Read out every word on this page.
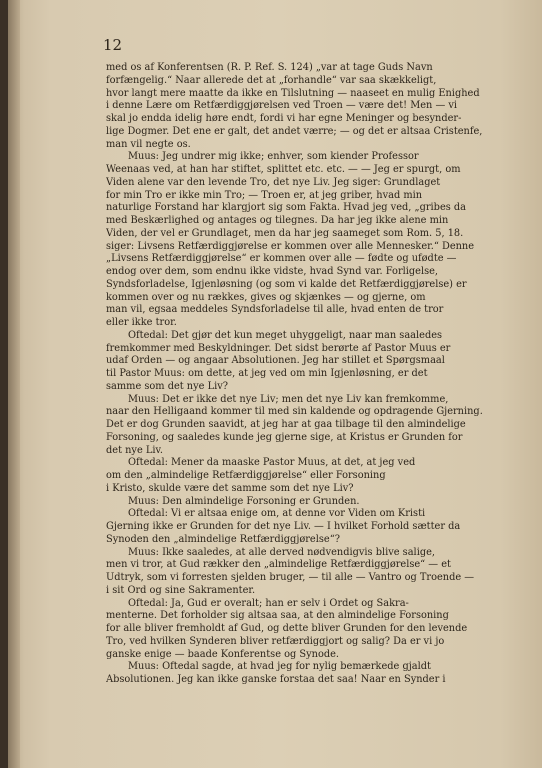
12
med os af Konferentsen (R. P. Ref. S. 124) „var at tage Guds Navn
forfængelig.“ Naar allerede det at „forhandle“ var saa skækkeligt,
hvor langt mere maatte da ikke en Tilslutning — naaseet en mulig Enighed
i denne Lære om Retfærdiggjørelsen ved Troen — være det! Men — vi
skal jo endda idelig høre endt, fordi vi har egne Meninger og besynder-
lige Dogmer. Det ene er galt, det andet værre; — og det er altsaa Cristenfe,
man vil negte os.
Muus: Jeg undrer mig ikke; enhver, som kiender Professor
Weenaas ved, at han har stiftet, splittet etc. etc. — — Jeg er spurgt, om
Viden alene var den levende Tro, det nye Liv. Jeg siger: Grundlaget
for min Tro er ikke min Tro; — Troen er, at jeg griber, hvad min
naturlige Forstand har klargjort sig som Fakta. Hvad jeg ved, „gribes da
med Beskærlighed og antages og tilegnes. Da har jeg ikke alene min
Viden, der vel er Grundlaget, men da har jeg saameget som Rom. 5, 18.
siger: Livsens Retfærdiggjørelse er kommen over alle Mennesker.“ Denne
„Livsens Retfærdiggjørelse“ er kommen over alle — fødte og ufødte —
endog over dem, som endnu ikke vidste, hvad Synd var. Forligelse,
Syndsforladelse, Igjenløsning (og som vi kalde det Retfærdiggjørelse) er
kommen over og nu rækkes, gives og skjænkes — og gjerne, om
man vil, egsaa meddeles Syndsforladelse til alle, hvad enten de tror
eller ikke tror.
Oftedal: Det gjør det kun meget uhyggeligt, naar man saaledes
fremkommer med Beskyldninger. Det sidst berørte af Pastor Muus er
udaf Orden — og angaar Absolutionen. Jeg har stillet et Spørgsmaal
til Pastor Muus: om dette, at jeg ved om min Igjenløsning, er det
samme som det nye Liv?
Muus: Det er ikke det nye Liv; men det nye Liv kan fremkomme,
naar den Helligaand kommer til med sin kaldende og opdragende Gjerning.
Det er dog Grunden saavidt, at jeg har at gaa tilbage til den almindelige
Forsoning, og saaledes kunde jeg gjerne sige, at Kristus er Grunden for
det nye Liv.
Oftedal: Mener da maaske Pastor Muus, at det, at jeg ved
om den „almindelige Retfærdiggjørelse“ eller Forsoning
i Kristo, skulde være det samme som det nye Liv?
Muus: Den almindelige Forsoning er Grunden.
Oftedal: Vi er altsaa enige om, at denne vor Viden om Kristi
Gjerning ikke er Grunden for det nye Liv. — I hvilket Forhold sætter da
Synoden den „almindelige Retfærdiggjørelse“?
Muus: Ikke saaledes, at alle derved nødvendigvis blive salige,
men vi tror, at Gud rækker den „almindelige Retfærdiggjørelse“ — et
Udtryk, som vi forresten sjelden bruger, — til alle — Vantro og Troende —
i sit Ord og sine Sakramenter.
Oftedal: Ja, Gud er overalt; han er selv i Ordet og Sakra-
menterne. Det forholder sig altsaa saa, at den almindelige Forsoning
for alle bliver fremholdt af Gud, og dette bliver Grunden for den levende
Tro, ved hvilken Synderen bliver retfærdiggjort og salig? Da er vi jo
ganske enige — baade Konferentse og Synode.
Muus: Oftedal sagde, at hvad jeg for nylig bemærkede gjaldt
Absolutionen. Jeg kan ikke ganske forstaa det saa! Naar en Synder i
